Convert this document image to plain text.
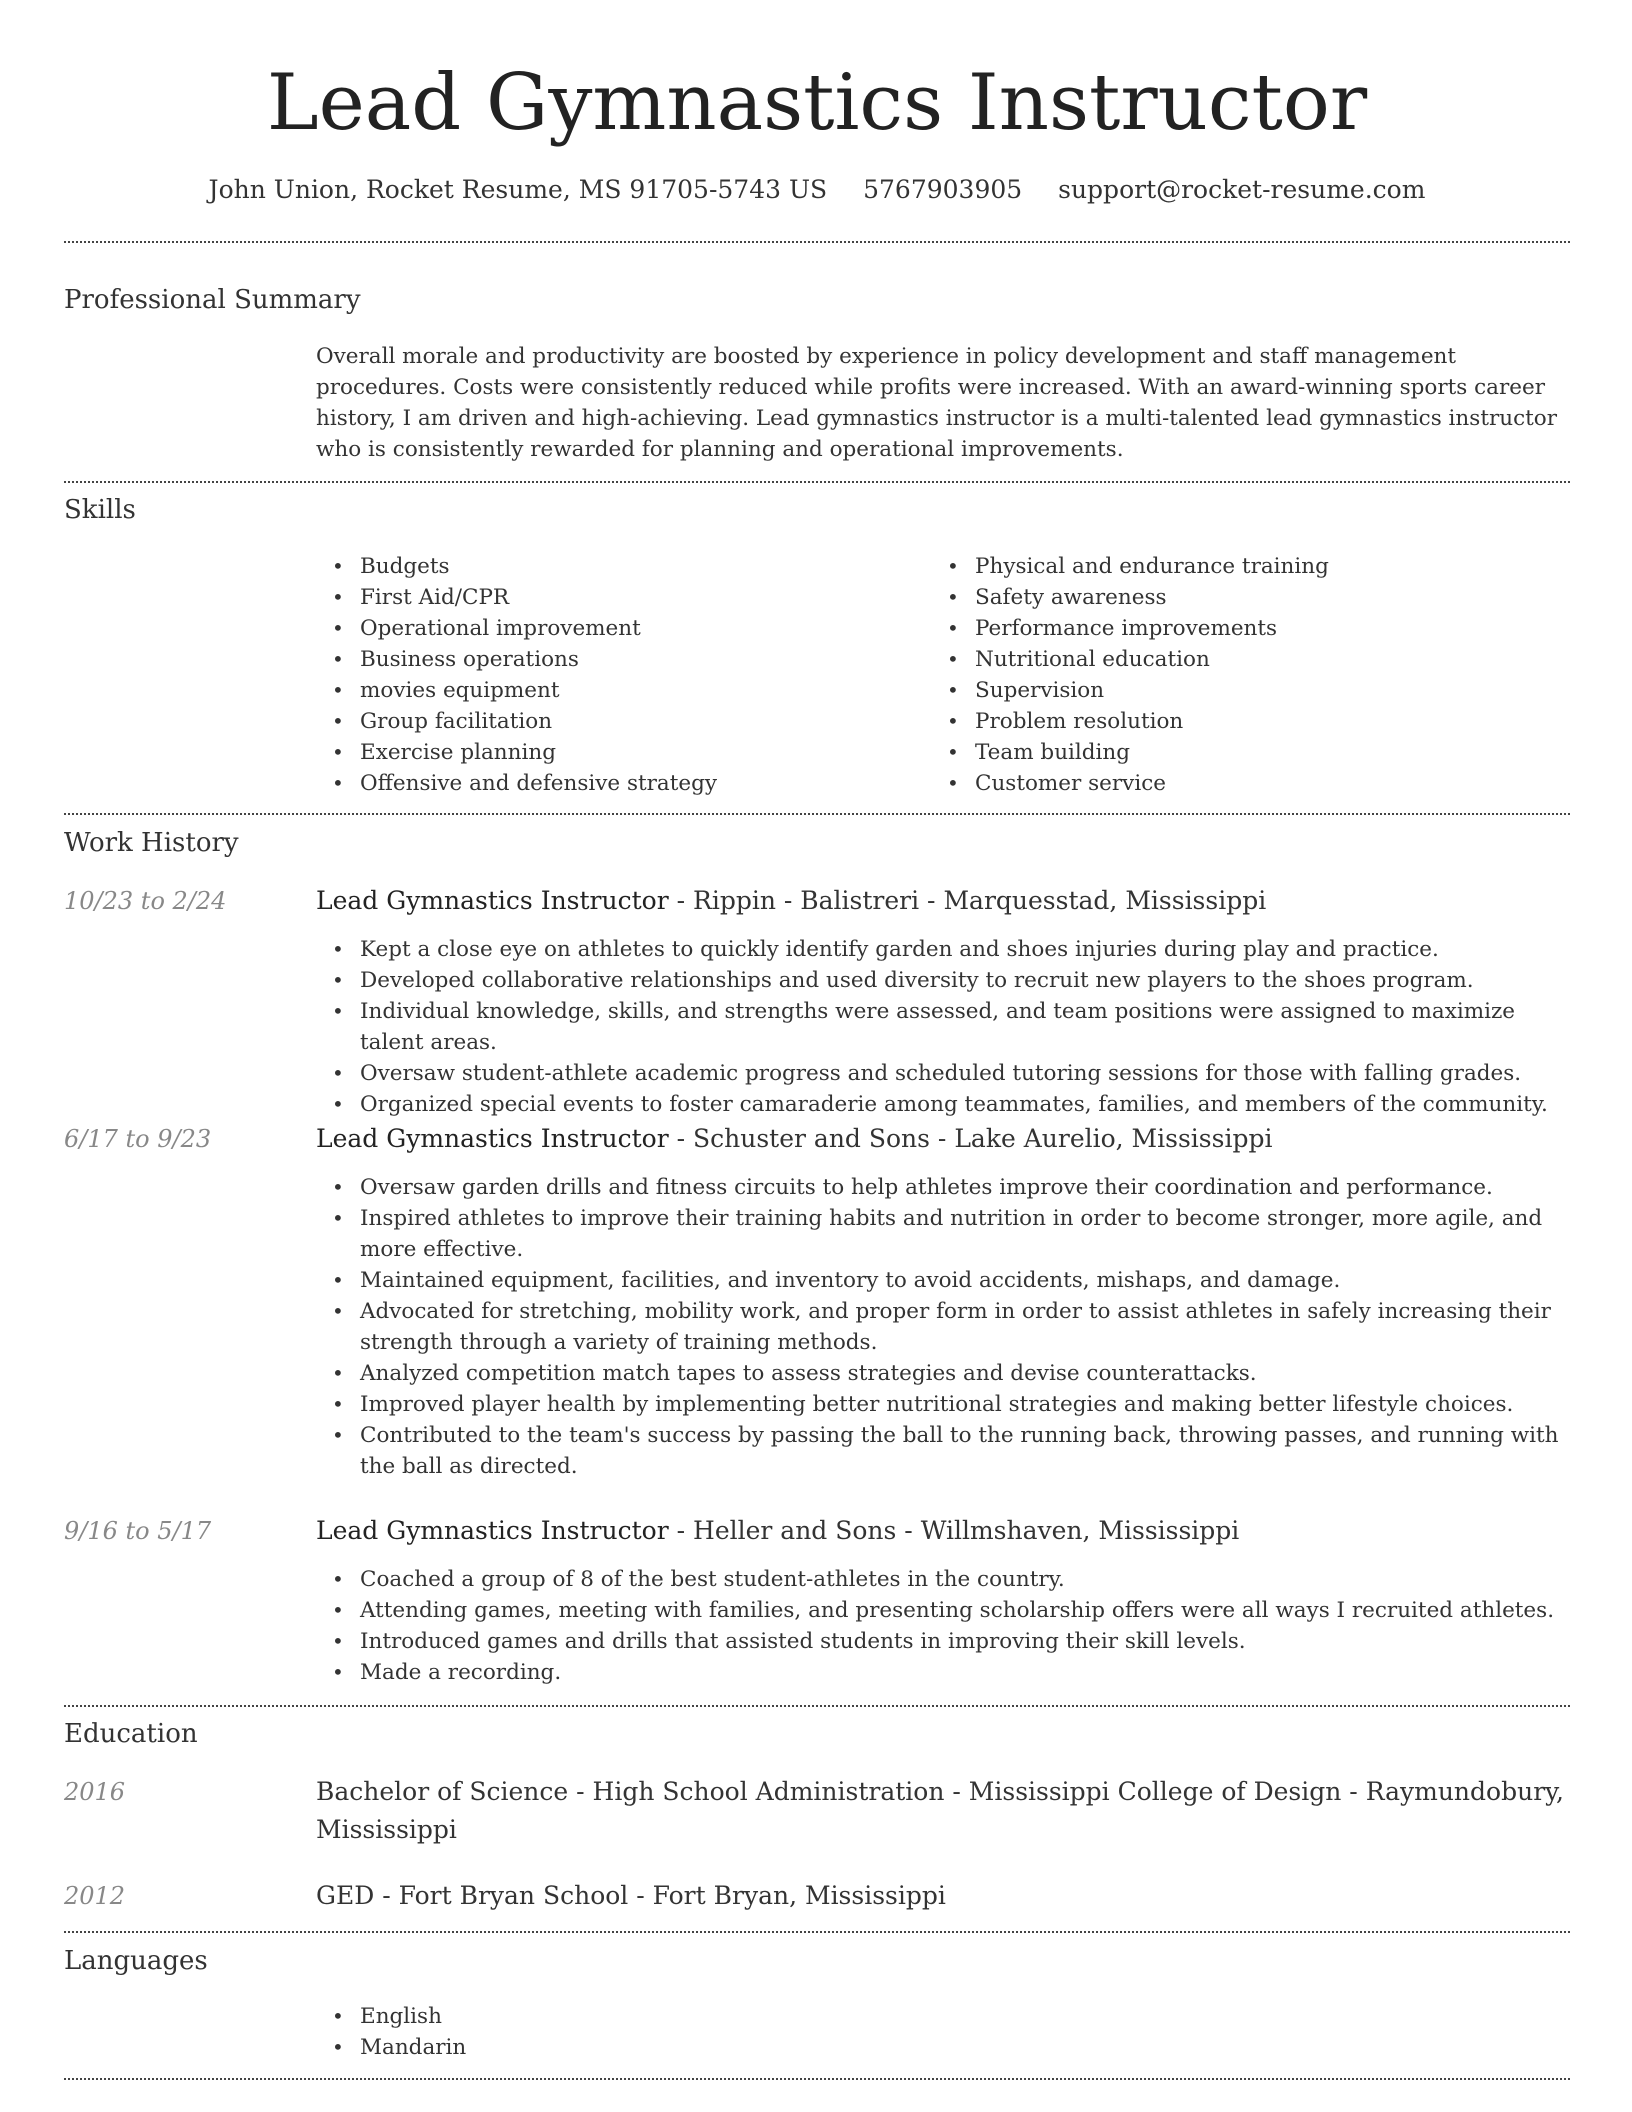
Lead Gymnastics Instructor
John Union, Rocket Resume, MS 91705-5743 US 5767903905 support@rocket-resume.com
Professional Summary
Overall morale and productivity are boosted by experience in policy development and staff management procedures. Costs were consistently reduced while profits were increased. With an award-winning sports career history, I am driven and high-achieving. Lead gymnastics instructor is a multi-talented lead gymnastics instructor who is consistently rewarded for planning and operational improvements.
Skills
• Budgets
• First Aid/CPR
• Operational improvement
• Business operations
• movies equipment
• Group facilitation
• Exercise planning
• Offensive and defensive strategy
• Physical and endurance training
• Safety awareness
• Performance improvements
• Nutritional education
• Supervision
• Problem resolution
• Team building
• Customer service
Work History
10/23 to 2/24	Lead Gymnastics Instructor - Rippin - Balistreri - Marquesstad, Mississippi
• Kept a close eye on athletes to quickly identify garden and shoes injuries during play and practice.
• Developed collaborative relationships and used diversity to recruit new players to the shoes program.
• Individual knowledge, skills, and strengths were assessed, and team positions were assigned to maximize talent areas.
• Oversaw student-athlete academic progress and scheduled tutoring sessions for those with falling grades.
• Organized special events to foster camaraderie among teammates, families, and members of the community.
6/17 to 9/23	Lead Gymnastics Instructor - Schuster and Sons - Lake Aurelio, Mississippi
• Oversaw garden drills and fitness circuits to help athletes improve their coordination and performance.
• Inspired athletes to improve their training habits and nutrition in order to become stronger, more agile, and more effective.
• Maintained equipment, facilities, and inventory to avoid accidents, mishaps, and damage.
• Advocated for stretching, mobility work, and proper form in order to assist athletes in safely increasing their strength through a variety of training methods.
• Analyzed competition match tapes to assess strategies and devise counterattacks.
• Improved player health by implementing better nutritional strategies and making better lifestyle choices.
• Contributed to the team's success by passing the ball to the running back, throwing passes, and running with the ball as directed.
9/16 to 5/17	Lead Gymnastics Instructor - Heller and Sons - Willmshaven, Mississippi
• Coached a group of 8 of the best student-athletes in the country.
• Attending games, meeting with families, and presenting scholarship offers were all ways I recruited athletes.
• Introduced games and drills that assisted students in improving their skill levels.
• Made a recording.
Education
2016	Bachelor of Science - High School Administration - Mississippi College of Design - Raymundobury, Mississippi
2012	GED - Fort Bryan School - Fort Bryan, Mississippi
Languages
• English
• Mandarin
